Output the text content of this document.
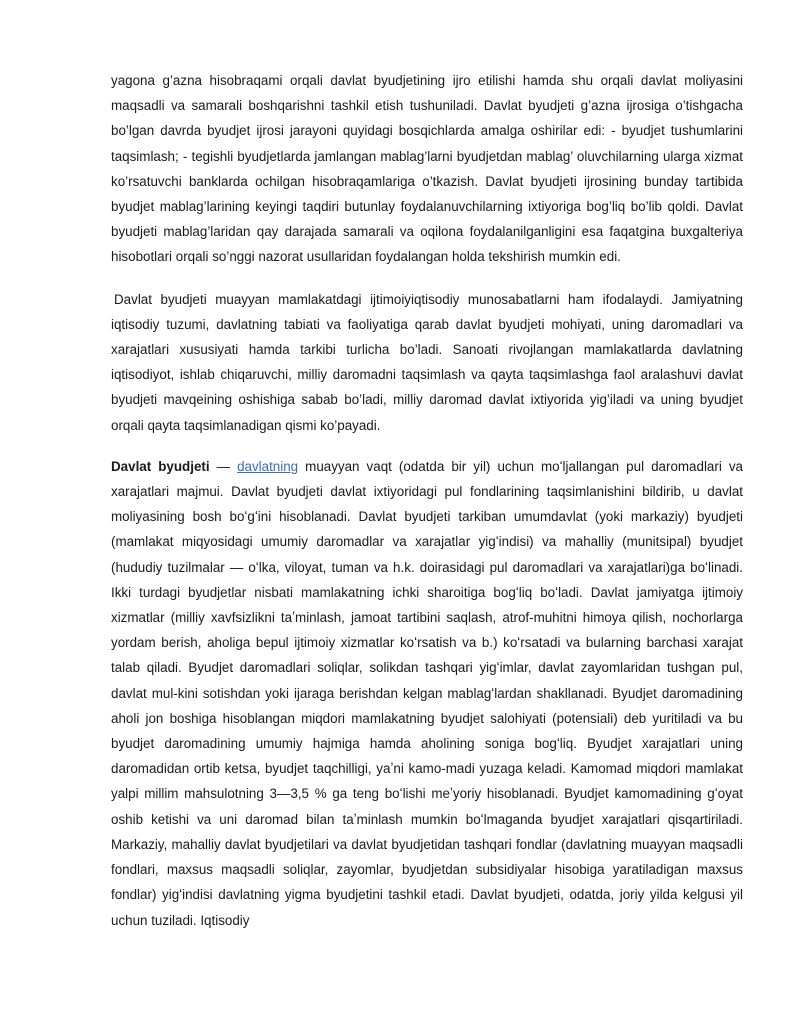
yagona g’azna hisobraqami orqali davlat byudjetining ijro etilishi hamda shu orqali davlat moliyasini maqsadli va samarali boshqarishni tashkil etish tushuniladi. Davlat byudjeti g’azna ijrosiga o’tishgacha bo’lgan davrda byudjet ijrosi jarayoni quyidagi bosqichlarda amalga oshirilar edi: - byudjet tushumlarini taqsimlash; - tegishli byudjetlarda jamlangan mablag’larni byudjetdan mablag’ oluvchilarning ularga xizmat ko’rsatuvchi banklarda ochilgan hisobraqamlariga o’tkazish. Davlat byudjeti ijrosining bunday tartibida byudjet mablag’larining keyingi taqdiri butunlay foydalanuvchilarning ixtiyoriga bog’liq bo’lib qoldi. Davlat byudjeti mablag’laridan qay darajada samarali va oqilona foydalanilganligini esa faqatgina buxgalteriya hisobotlari orqali so’nggi nazorat usullaridan foydalangan holda tekshirish mumkin edi.

Davlat byudjeti muayyan mamlakatdagi ijtimoiyiqtisodiy munosabatlarni ham ifodalaydi. Jamiyatning iqtisodiy tuzumi, davlatning tabiati va faoliyatiga qarab davlat byudjeti mohiyati, uning daromadlari va xarajatlari xususiyati hamda tarkibi turlicha bo’ladi. Sanoati rivojlangan mamlakatlarda davlatning iqtisodiyot, ishlab chiqaruvchi, milliy daromadni taqsimlash va qayta taqsimlashga faol aralashuvi davlat byudjeti mavqeining oshishiga sabab bo’ladi, milliy daromad davlat ixtiyorida yig’iladi va uning byudjet orqali qayta taqsimlanadigan qismi ko’payadi.

Davlat byudjeti — davlatning muayyan vaqt (odatda bir yil) uchun moʻljallangan pul daromadlari va xarajatlari majmui. Davlat byudjeti davlat ixtiyoridagi pul fondlarining taqsimlanishini bildirib, u davlat moliyasining bosh boʻgʻini hisoblanadi. Davlat byudjeti tarkiban umumdavlat (yoki markaziy) byudjeti (mamlakat miqyosidagi umumiy daromadlar va xarajatlar yigʻindisi) va mahalliy (munitsipal) byudjet (hududiy tuzilmalar — oʻlka, viloyat, tuman va h.k. doirasidagi pul daromadlari va xarajatlari)ga boʻlinadi. Ikki turdagi byudjetlar nisbati mamlakatning ichki sharoitiga bogʻliq boʻladi. Davlat jamiyatga ijtimoiy xizmatlar (milliy xavfsizlikni taʼminlash, jamoat tartibini saqlash, atrof-muhitni himoya qilish, nochorlarga yordam berish, aholiga bepul ijtimoiy xizmatlar koʻrsatish va b.) koʻrsatadi va bularning barchasi xarajat talab qiladi. Byudjet daromadlari soliqlar, solikdan tashqari yigʻimlar, davlat zayomlaridan tushgan pul, davlat mul-kini sotishdan yoki ijaraga berishdan kelgan mablagʻlardan shakllanadi. Byudjet daromadining aholi jon boshiga hisoblangan miqdori mamlakatning byudjet salohiyati (potensiali) deb yuritiladi va bu byudjet daromadining umumiy hajmiga hamda aholining soniga bogʻliq. Byudjet xarajatlari uning daromadidan ortib ketsa, byudjet taqchilligi, yaʼni kamo-madi yuzaga keladi. Kamomad miqdori mamlakat yalpi millim mahsulotning 3—3,5 % ga teng boʻlishi meʼyoriy hisoblanadi. Byudjet kamomadining gʻoyat oshib ketishi va uni daromad bilan taʼminlash mumkin boʻlmaganda byudjet xarajatlari qisqartiriladi. Markaziy, mahalliy davlat byudjetilari va davlat byudjetidan tashqari fondlar (davlatning muayyan maqsadli fondlari, maxsus maqsadli soliqlar, zayomlar, byudjetdan subsidiyalar hisobiga yaratiladigan maxsus fondlar) yigʻindisi davlatning yigma byudjetini tashkil etadi. Davlat byudjeti, odatda, joriy yilda kelgusi yil uchun tuziladi. Iqtisodiy
